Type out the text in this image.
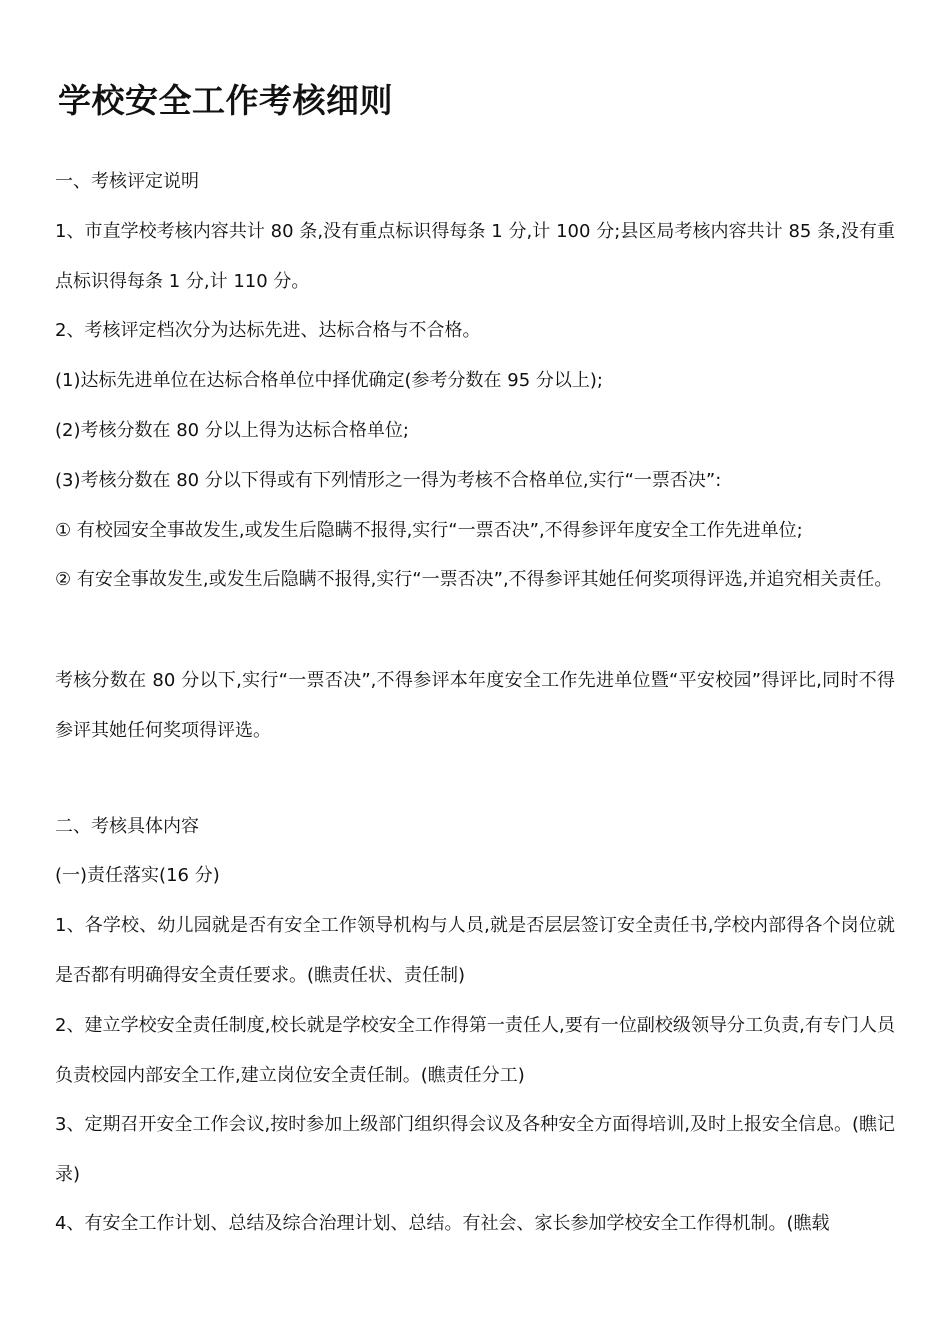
学校安全工作考核细则
一、考核评定说明
1、市直学校考核内容共计 80 条,没有重点标识得每条 1 分,计 100 分;县区局考核内容共计 85 条,没有重点标识得每条 1 分,计 110 分。
2、考核评定档次分为达标先进、达标合格与不合格。
(1)达标先进单位在达标合格单位中择优确定(参考分数在 95 分以上);
(2)考核分数在 80 分以上得为达标合格单位;
(3)考核分数在 80 分以下得或有下列情形之一得为考核不合格单位,实行“一票否决”:
① 有校园安全事故发生,或发生后隐瞒不报得,实行“一票否决”,不得参评年度安全工作先进单位;
② 有安全事故发生,或发生后隐瞒不报得,实行“一票否决”,不得参评其她任何奖项得评选,并追究相关责任。
考核分数在 80 分以下,实行“一票否决”,不得参评本年度安全工作先进单位暨“平安校园”得评比,同时不得参评其她任何奖项得评选。
二、考核具体内容
(一)责任落实(16 分)
1、各学校、幼儿园就是否有安全工作领导机构与人员,就是否层层签订安全责任书,学校内部得各个岗位就是否都有明确得安全责任要求。(瞧责任状、责任制)
2、建立学校安全责任制度,校长就是学校安全工作得第一责任人,要有一位副校级领导分工负责,有专门人员负责校园内部安全工作,建立岗位安全责任制。(瞧责任分工)
3、定期召开安全工作会议,按时参加上级部门组织得会议及各种安全方面得培训,及时上报安全信息。(瞧记录)
4、有安全工作计划、总结及综合治理计划、总结。有社会、家长参加学校安全工作得机制。(瞧载
